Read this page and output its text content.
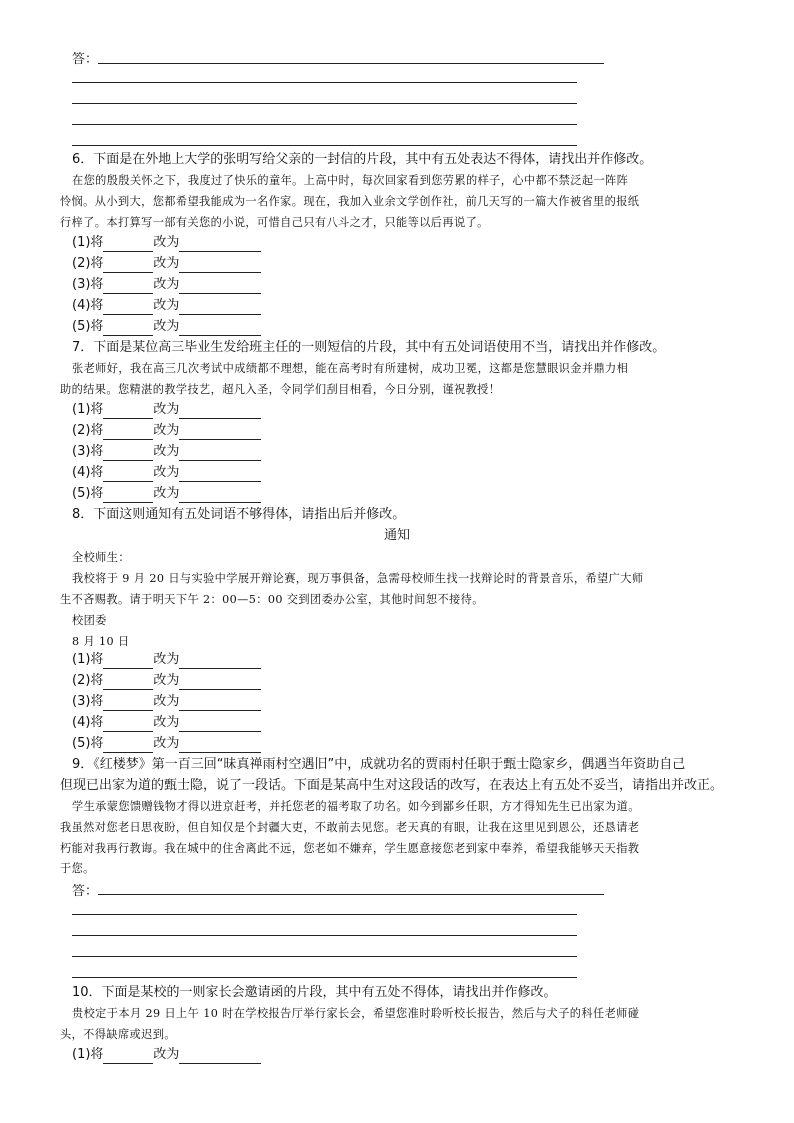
答：
6．下面是在外地上大学的张明写给父亲的一封信的片段，其中有五处表达不得体，请找出并作修改。
在您的殷殷关怀之下，我度过了快乐的童年。上高中时，每次回家看到您劳累的样子，心中都不禁泛起一阵阵
怜悯。从小到大，您都希望我能成为一名作家。现在，我加入业余文学创作社，前几天写的一篇大作被省里的报纸
行梓了。本打算写一部有关您的小说，可惜自己只有八斗之才，只能等以后再说了。
(1)将	改为
(2)将	改为
(3)将	改为
(4)将	改为
(5)将	改为
7．下面是某位高三毕业生发给班主任的一则短信的片段，其中有五处词语使用不当，请找出并作修改。
张老师好，我在高三几次考试中成绩都不理想，能在高考时有所建树，成功卫冕，这都是您慧眼识金并鼎力相
助的结果。您精湛的教学技艺，超凡入圣，令同学们刮目相看，今日分别，谨祝教授！
(1)将	改为
(2)将	改为
(3)将	改为
(4)将	改为
(5)将	改为
8．下面这则通知有五处词语不够得体，请指出后并修改。
通知
全校师生：
我校将于 9 月 20 日与实验中学展开辩论赛，现万事俱备，急需母校师生找一找辩论时的背景音乐，希望广大师
生不吝赐教。请于明天下午 2：00—5：00 交到团委办公室，其他时间恕不接待。
校团委
8 月 10 日
(1)将	改为
(2)将	改为
(3)将	改为
(4)将	改为
(5)将	改为
9．《红楼梦》第一百三回“昧真禅雨村空遇旧”中，成就功名的贾雨村任职于甄士隐家乡，偶遇当年资助自己
但现已出家为道的甄士隐，说了一段话。下面是某高中生对这段话的改写，在表达上有五处不妥当，请指出并改正。
学生承蒙您馈赠钱物才得以进京赶考，并托您老的福考取了功名。如今到鄙乡任职，方才得知先生已出家为道。
我虽然对您老日思夜盼，但自知仅是个封疆大吏，不敢前去见您。老天真的有眼，让我在这里见到恩公，还恳请老
朽能对我再行教诲。我在城中的住舍离此不远，您老如不嫌弃，学生愿意接您老到家中奉养，希望我能够天天指教
于您。
答：
10．下面是某校的一则家长会邀请函的片段，其中有五处不得体，请找出并作修改。
贵校定于本月 29 日上午 10 时在学校报告厅举行家长会，希望您准时聆听校长报告，然后与犬子的科任老师碰
头，不得缺席或迟到。
(1)将	改为
